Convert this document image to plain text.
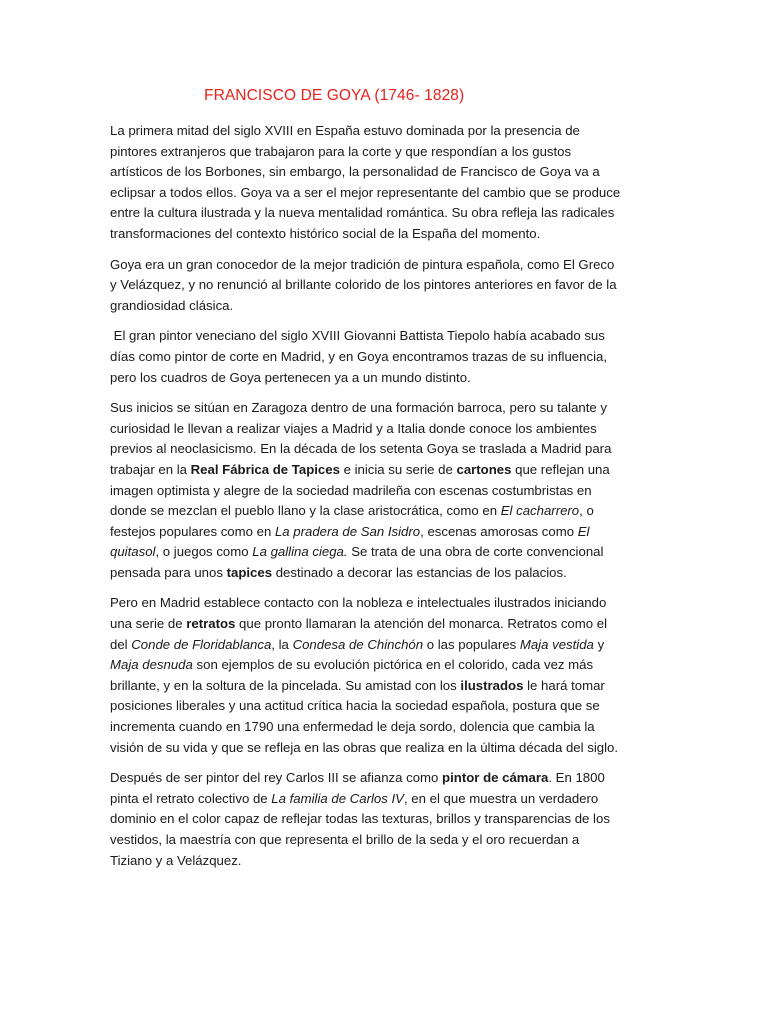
FRANCISCO DE GOYA (1746- 1828)

La primera mitad del siglo XVIII en España estuvo dominada por la presencia de
pintores extranjeros que trabajaron para la corte y que respondían a los gustos
artísticos de los Borbones, sin embargo, la personalidad de Francisco de Goya va a
eclipsar a todos ellos. Goya va a ser el mejor representante del cambio que se produce
entre la cultura ilustrada y la nueva mentalidad romántica. Su obra refleja las radicales
transformaciones del contexto histórico social de la España del momento.

Goya era un gran conocedor de la mejor tradición de pintura española, como El Greco
y Velázquez, y no renunció al brillante colorido de los pintores anteriores en favor de la
grandiosidad clásica.

El gran pintor veneciano del siglo XVIII Giovanni Battista Tiepolo había acabado sus
días como pintor de corte en Madrid, y en Goya encontramos trazas de su influencia,
pero los cuadros de Goya pertenecen ya a un mundo distinto.

Sus inicios se sitúan en Zaragoza dentro de una formación barroca, pero su talante y
curiosidad le llevan a realizar viajes a Madrid y a Italia donde conoce los ambientes
previos al neoclasicismo. En la década de los setenta Goya se traslada a Madrid para
trabajar en la Real Fábrica de Tapices e inicia su serie de cartones que reflejan una
imagen optimista y alegre de la sociedad madrileña con escenas costumbristas en
donde se mezclan el pueblo llano y la clase aristocrática, como en El cacharrero, o
festejos populares como en La pradera de San Isidro, escenas amorosas como El
quitasol, o juegos como La gallina ciega. Se trata de una obra de corte convencional
pensada para unos tapices destinado a decorar las estancias de los palacios.

Pero en Madrid establece contacto con la nobleza e intelectuales ilustrados iniciando
una serie de retratos que pronto llamaran la atención del monarca. Retratos como el
del Conde de Floridablanca, la Condesa de Chinchón o las populares Maja vestida y
Maja desnuda son ejemplos de su evolución pictórica en el colorido, cada vez más
brillante, y en la soltura de la pincelada. Su amistad con los ilustrados le hará tomar
posiciones liberales y una actitud crítica hacia la sociedad española, postura que se
incrementa cuando en 1790 una enfermedad le deja sordo, dolencia que cambia la
visión de su vida y que se refleja en las obras que realiza en la última década del siglo.

Después de ser pintor del rey Carlos III se afianza como pintor de cámara. En 1800
pinta el retrato colectivo de La familia de Carlos IV, en el que muestra un verdadero
dominio en el color capaz de reflejar todas las texturas, brillos y transparencias de los
vestidos, la maestría con que representa el brillo de la seda y el oro recuerdan a
Tiziano y a Velázquez.
